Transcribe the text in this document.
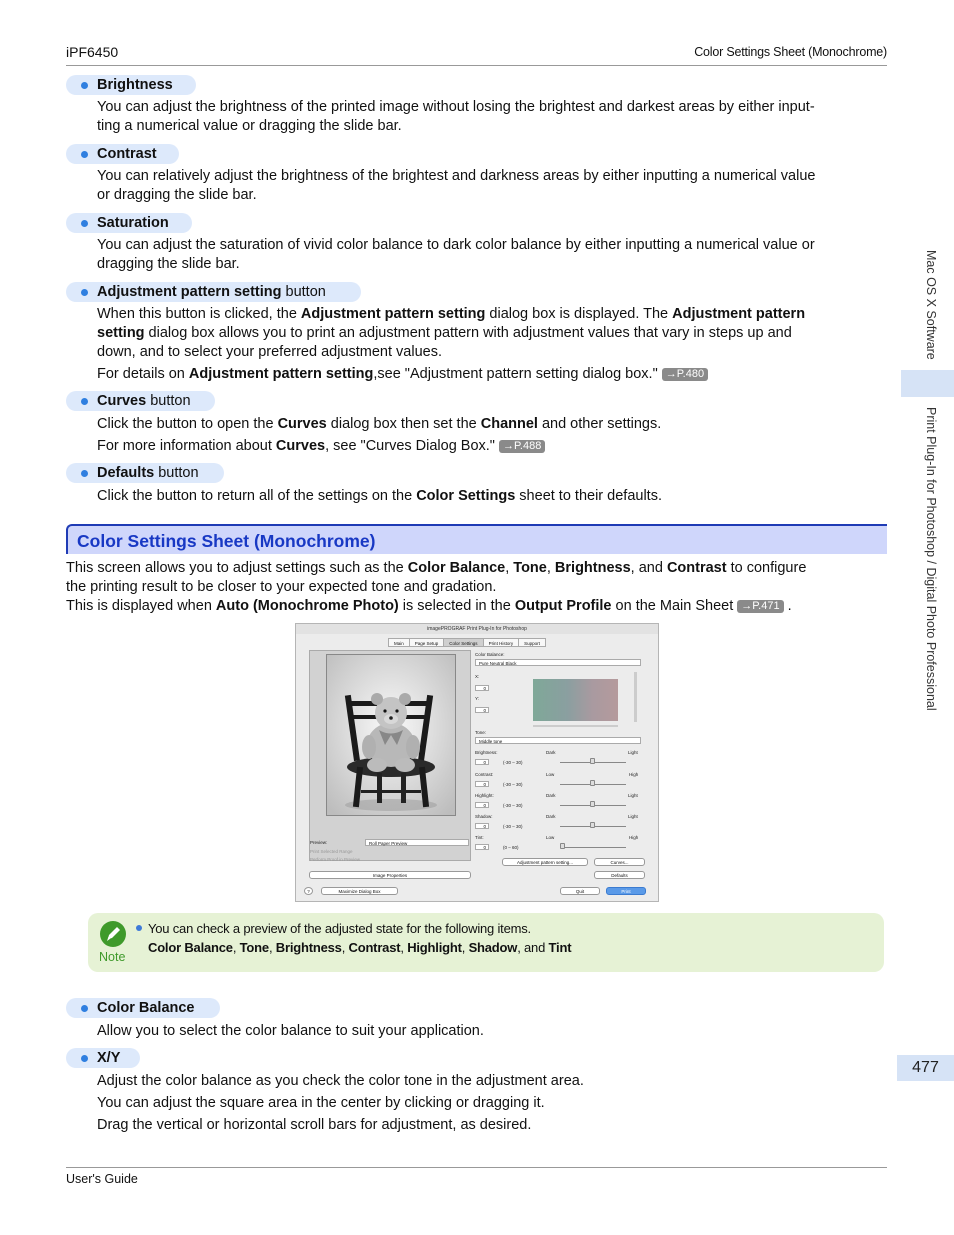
iPF6450	Color Settings Sheet (Monochrome)
Mac OS X Software
Print Plug-In for Photoshop / Digital Photo Professional
477
Brightness
You can adjust the brightness of the printed image without losing the brightest and darkest areas by either input-
ting a numerical value or dragging the slide bar.
Contrast
You can relatively adjust the brightness of the brightest and darkness areas by either inputting a numerical value
or dragging the slide bar.
Saturation
You can adjust the saturation of vivid color balance to dark color balance by either inputting a numerical value or
dragging the slide bar.
Adjustment pattern setting button
When this button is clicked, the Adjustment pattern setting dialog box is displayed. The Adjustment pattern
setting dialog box allows you to print an adjustment pattern with adjustment values that vary in steps up and
down, and to select your preferred adjustment values.
For details on Adjustment pattern setting,see "Adjustment pattern setting dialog box." →P.480
Curves button
Click the button to open the Curves dialog box then set the Channel and other settings.
For more information about Curves, see "Curves Dialog Box." →P.488
Defaults button
Click the button to return all of the settings on the Color Settings sheet to their defaults.
Color Settings Sheet (Monochrome)
This screen allows you to adjust settings such as the Color Balance, Tone, Brightness, and Contrast to configure
the printing result to be closer to your expected tone and gradation.
This is displayed when Auto (Monochrome Photo) is selected in the Output Profile on the Main Sheet →P.471 .
imagePROGRAF Print Plug-In for Photoshop
Main	Page Setup	Color Settings	Print History	Support
Preview:	Roll Paper Preview
Print Selected Range
Perform Proof in Preview
Image Properties
Color Balance:
Pure Neutral Black
X:
0
Y:
0
Tone:
Middle tone
Brightness:
0	(-30 – 30)
Dark	Light
Contrast:
0	(-30 – 30)
Low	High
Highlight:
0	(-30 – 30)
Dark	Light
Shadow:
0	(-30 – 30)
Dark	Light
Tint:
0	(0 – 60)
Low	High
Adjustment pattern setting...	Curves...
Defaults
?	Maximize Dialog Box	Quit	Print
Note
You can check a preview of the adjusted state for the following items.
Color Balance, Tone, Brightness, Contrast, Highlight, Shadow, and Tint
Color Balance
Allow you to select the color balance to suit your application.
X/Y
Adjust the color balance as you check the color tone in the adjustment area.
You can adjust the square area in the center by clicking or dragging it.
Drag the vertical or horizontal scroll bars for adjustment, as desired.
User's Guide
